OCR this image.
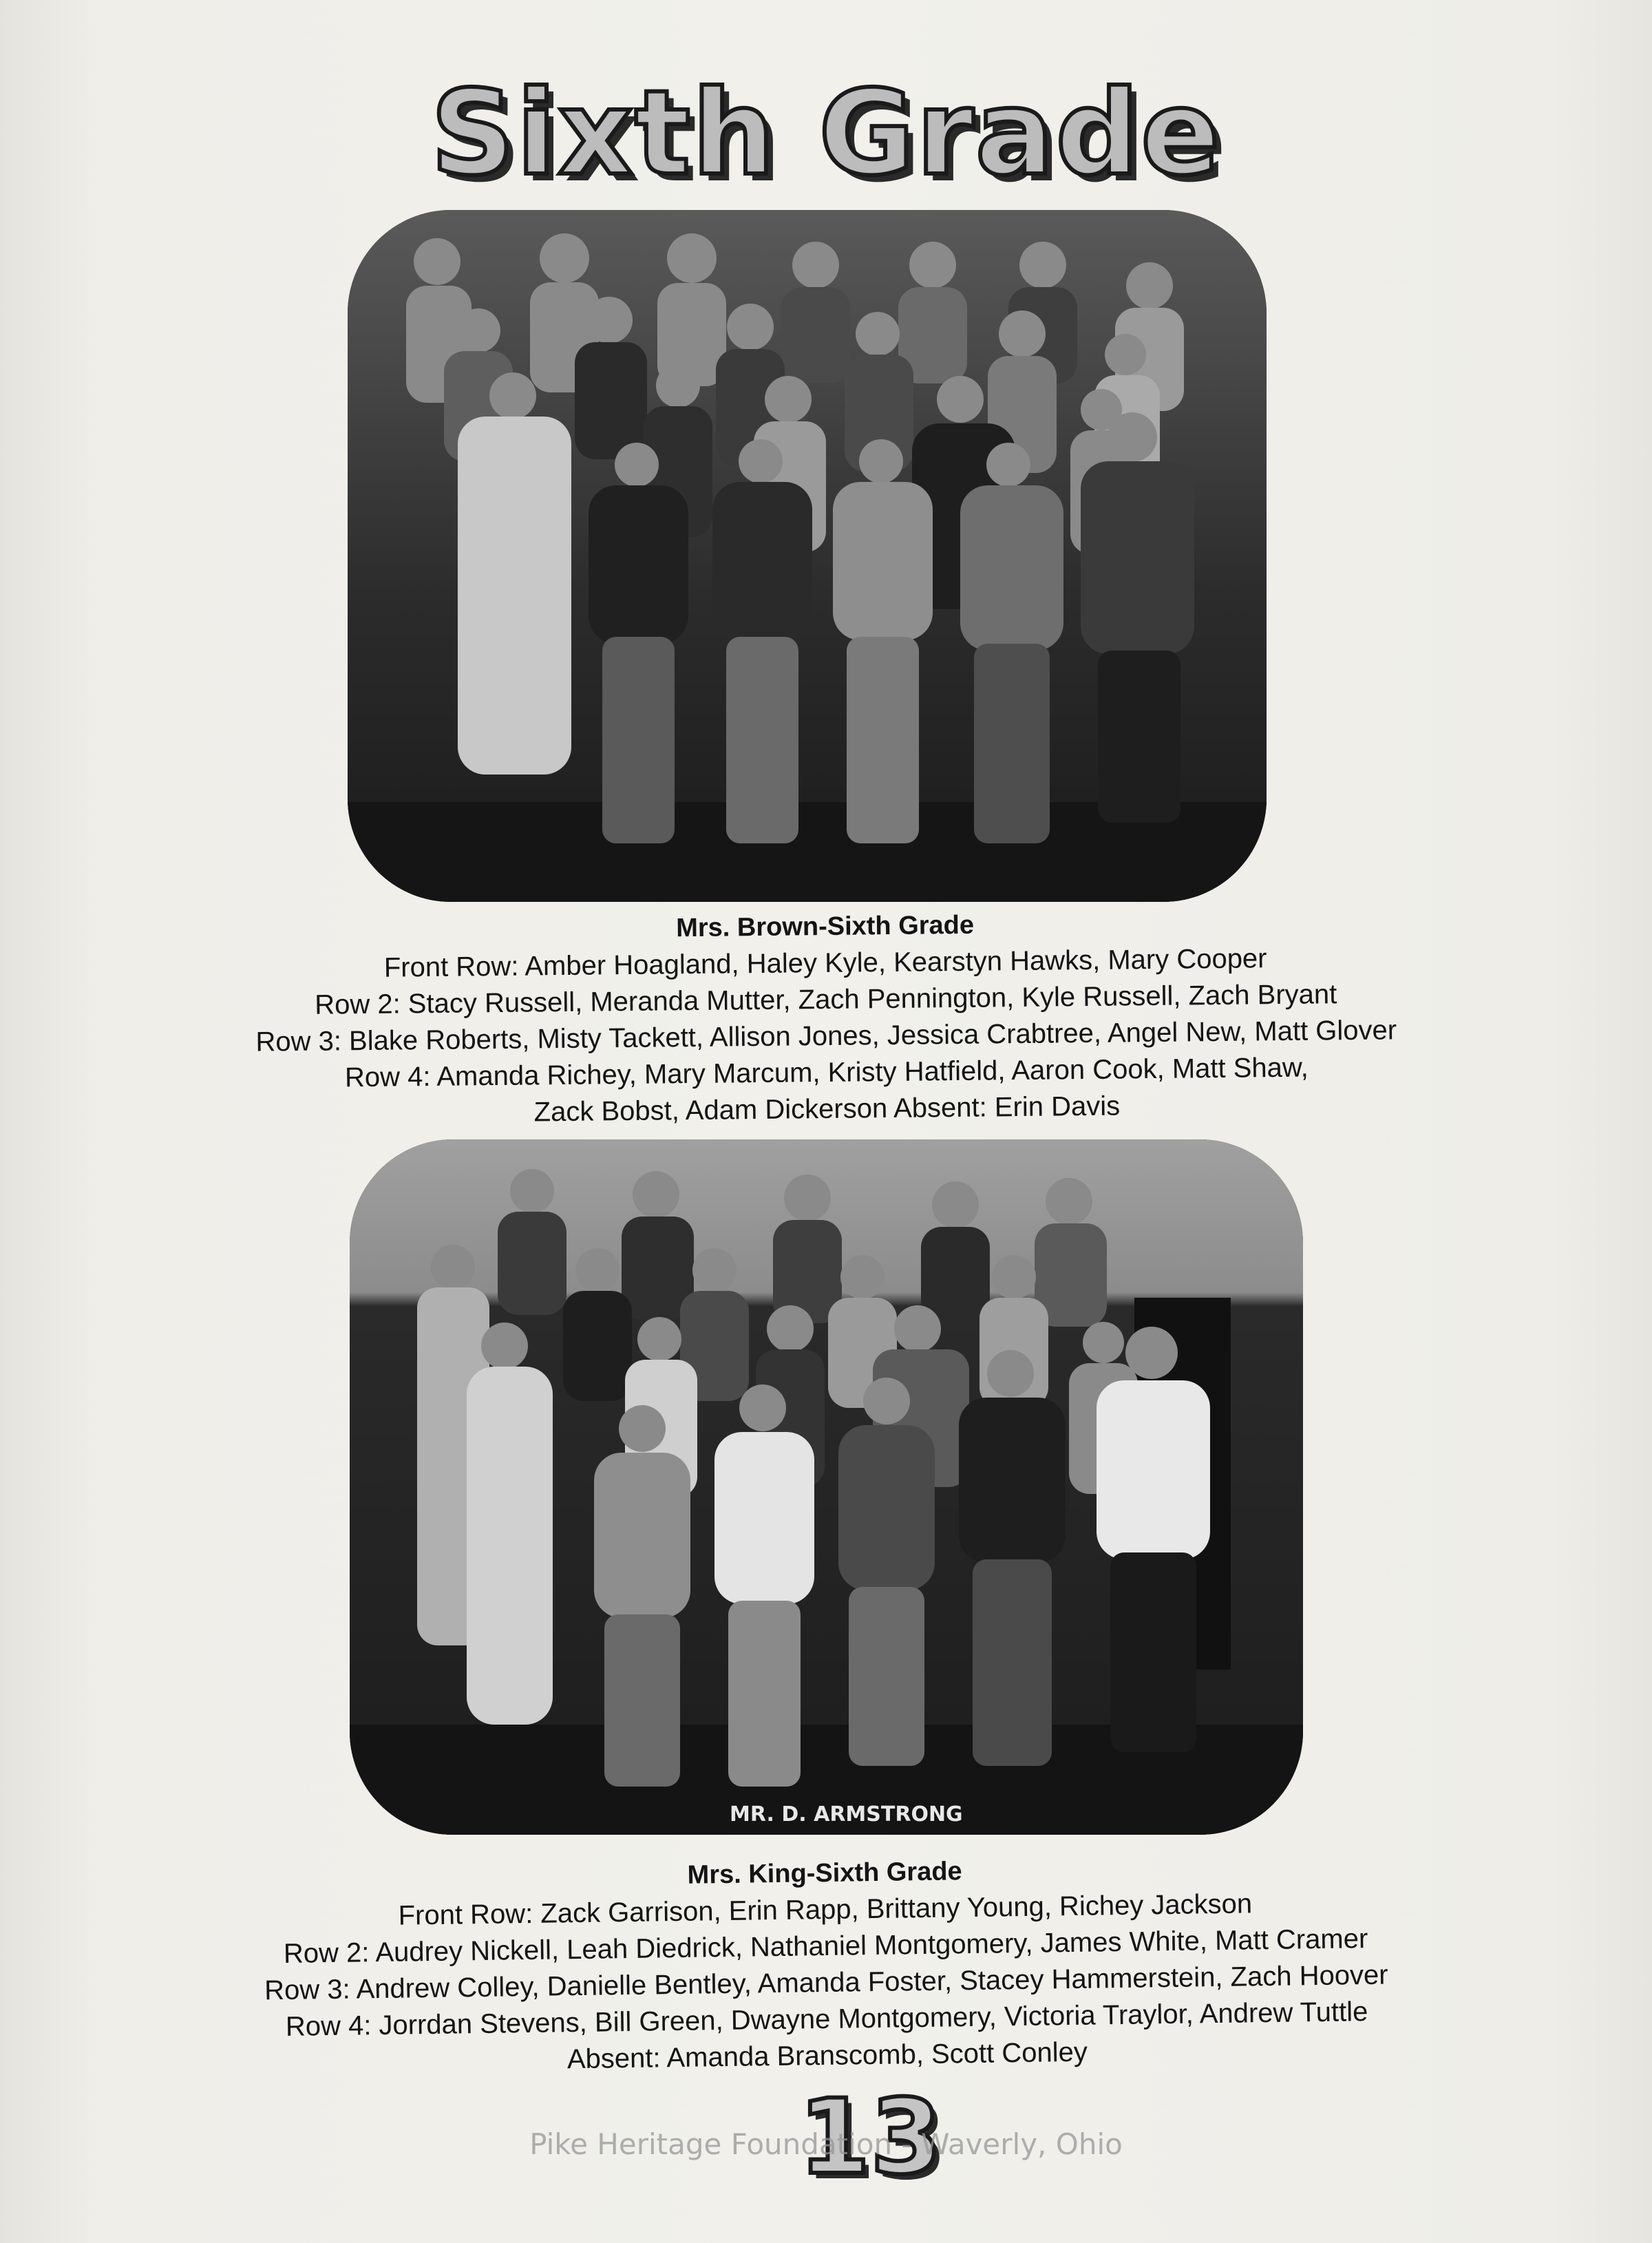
Sixth Grade
Mrs. Brown-Sixth Grade
Front Row: Amber Hoagland, Haley Kyle, Kearstyn Hawks, Mary Cooper
Row 2: Stacy Russell, Meranda Mutter, Zach Pennington, Kyle Russell, Zach Bryant
Row 3: Blake Roberts, Misty Tackett, Allison Jones, Jessica Crabtree, Angel New, Matt Glover
Row 4: Amanda Richey, Mary Marcum, Kristy Hatfield, Aaron Cook, Matt Shaw,
Zack Bobst, Adam Dickerson Absent: Erin Davis
MR. D. ARMSTRONG
Mrs. King-Sixth Grade
Front Row: Zack Garrison, Erin Rapp, Brittany Young, Richey Jackson
Row 2: Audrey Nickell, Leah Diedrick, Nathaniel Montgomery, James White, Matt Cramer
Row 3: Andrew Colley, Danielle Bentley, Amanda Foster, Stacey Hammerstein, Zach Hoover
Row 4: Jorrdan Stevens, Bill Green, Dwayne Montgomery, Victoria Traylor, Andrew Tuttle
Absent: Amanda Branscomb, Scott Conley
13
Pike Heritage Foundation - Waverly, Ohio
